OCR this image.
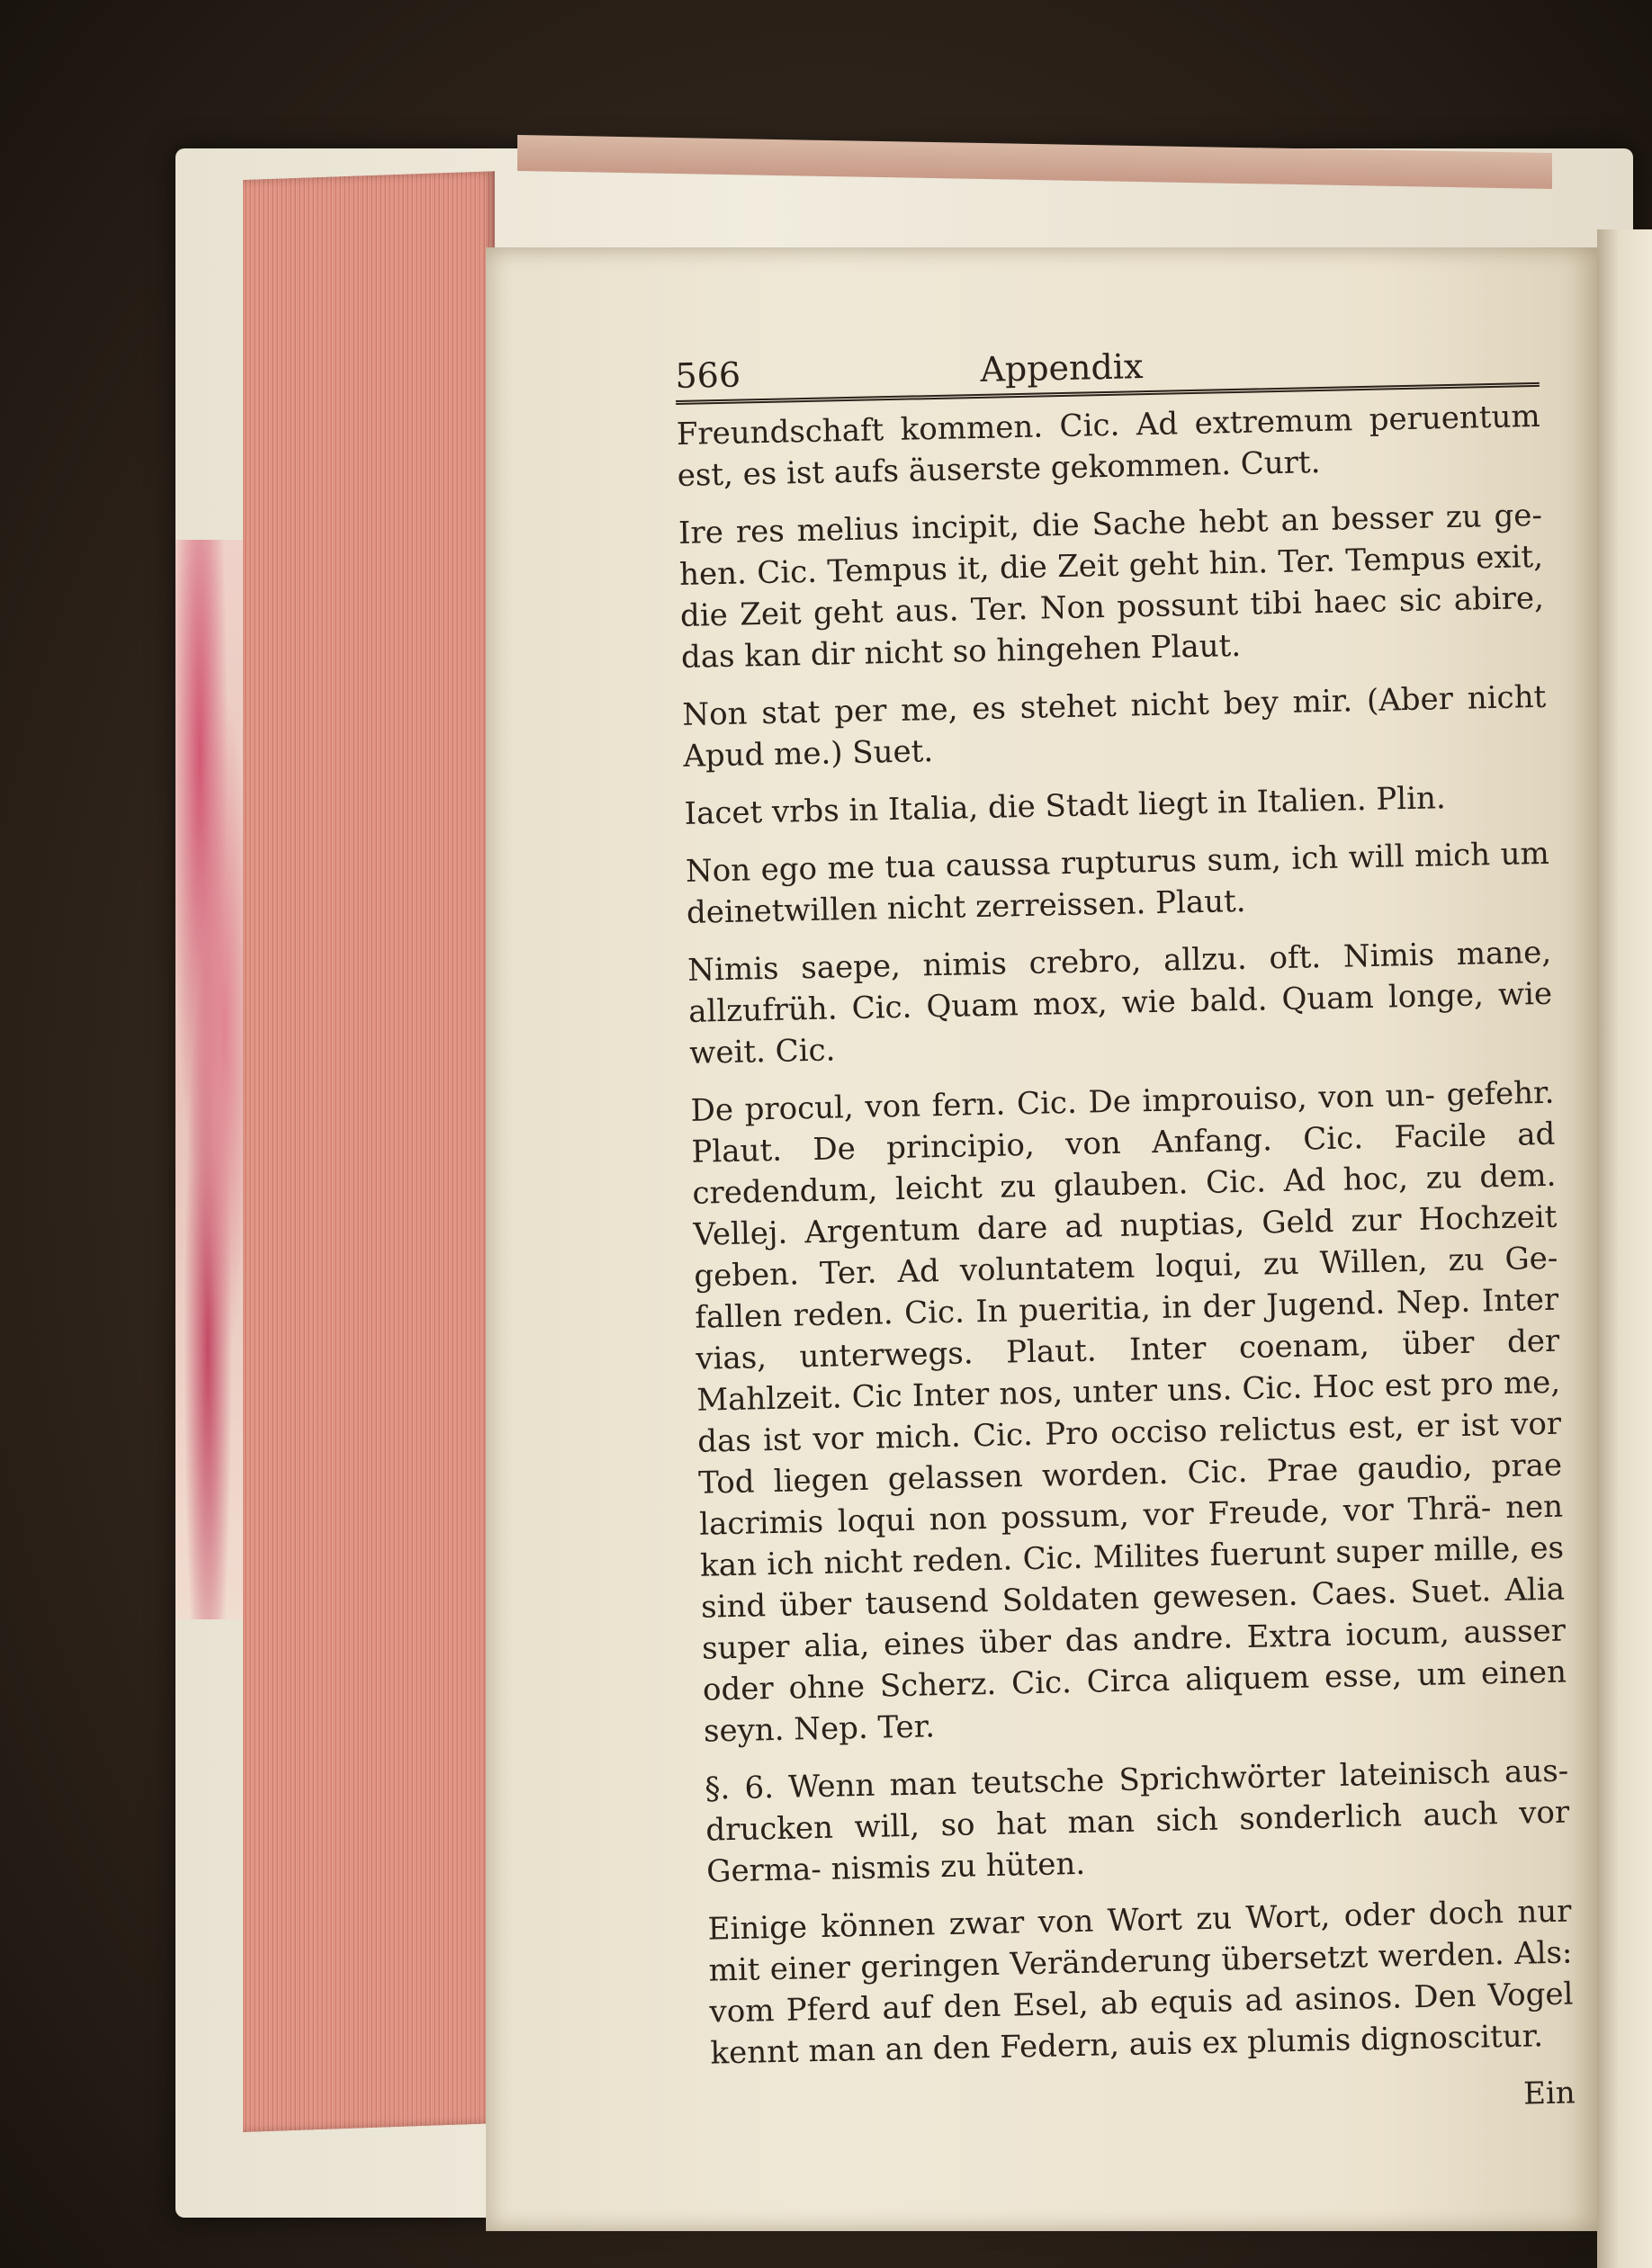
566	Appendix

Freundschaft kommen. Cic. Ad extremum peruentum est, es ist aufs äuserste gekommen. Curt.

Ire res melius incipit, die Sache hebt an besser zu ge- hen. Cic. Tempus it, die Zeit geht hin. Ter. Tempus exit, die Zeit geht aus. Ter. Non possunt tibi haec sic abire, das kan dir nicht so hingehen Plaut.

Non stat per me, es stehet nicht bey mir. (Aber nicht Apud me.) Suet.

Iacet vrbs in Italia, die Stadt liegt in Italien. Plin.

Non ego me tua caussa rupturus sum, ich will mich um deinetwillen nicht zerreissen. Plaut.

Nimis saepe, nimis crebro, allzu. oft. Nimis mane, allzufrüh. Cic. Quam mox, wie bald. Quam longe, wie weit. Cic.

De procul, von fern. Cic. De improuiso, von un- gefehr. Plaut. De principio, von Anfang. Cic. Facile ad credendum, leicht zu glauben. Cic. Ad hoc, zu dem. Vellej. Argentum dare ad nuptias, Geld zur Hochzeit geben. Ter. Ad voluntatem loqui, zu Willen, zu Ge- fallen reden. Cic. In pueritia, in der Jugend. Nep. Inter vias, unterwegs. Plaut. Inter coenam, über der Mahlzeit. Cic Inter nos, unter uns. Cic. Hoc est pro me, das ist vor mich. Cic. Pro occiso relictus est, er ist vor Tod liegen gelassen worden. Cic. Prae gaudio, prae lacrimis loqui non possum, vor Freude, vor Thrä- nen kan ich nicht reden. Cic. Milites fuerunt super mille, es sind über tausend Soldaten gewesen. Caes. Suet. Alia super alia, eines über das andre. Extra iocum, ausser oder ohne Scherz. Cic. Circa aliquem esse, um einen seyn. Nep. Ter.

§. 6. Wenn man teutsche Sprichwörter lateinisch aus- drucken will, so hat man sich sonderlich auch vor Germa- nismis zu hüten.

Einige können zwar von Wort zu Wort, oder doch nur mit einer geringen Veränderung übersetzt werden. Als: vom Pferd auf den Esel, ab equis ad asinos. Den Vogel kennt man an den Federn, auis ex plumis dignoscitur.

Ein
